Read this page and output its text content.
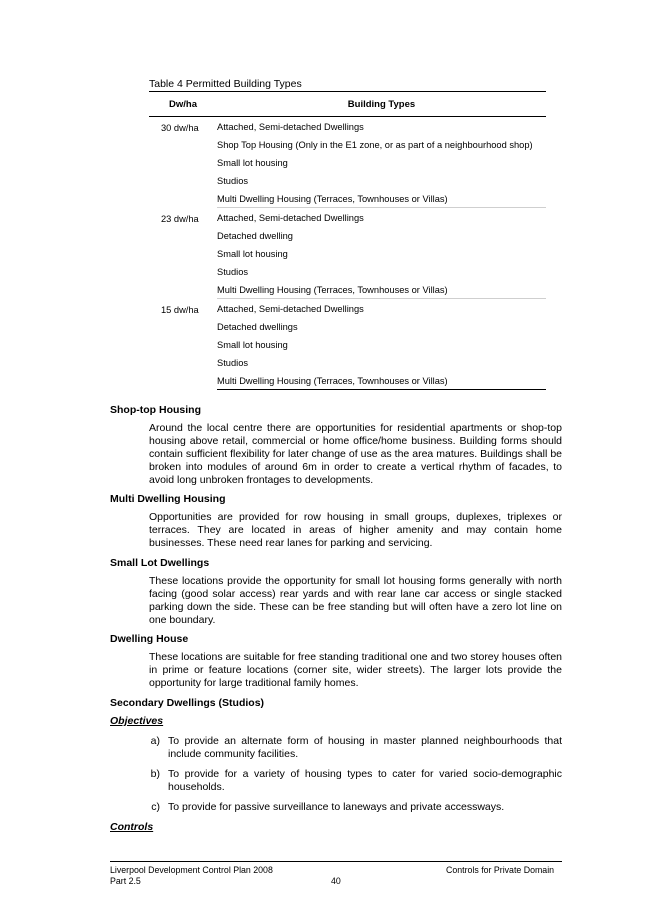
Table 4 Permitted Building Types
Dw/ha	Building Types
30 dw/ha	Attached, Semi-detached Dwellings
Shop Top Housing (Only in the E1 zone, or as part of a neighbourhood shop)
Small lot housing
Studios
Multi Dwelling Housing (Terraces, Townhouses or Villas)
23 dw/ha	Attached, Semi-detached Dwellings
Detached dwelling
Small lot housing
Studios
Multi Dwelling Housing (Terraces, Townhouses or Villas)
15 dw/ha	Attached, Semi-detached Dwellings
Detached dwellings
Small lot housing
Studios
Multi Dwelling Housing (Terraces, Townhouses or Villas)
Shop-top Housing

Around the local centre there are opportunities for residential apartments or shop-top housing above retail, commercial or home office/home business. Building forms should contain sufficient flexibility for later change of use as the area matures. Buildings shall be broken into modules of around 6m in order to create a vertical rhythm of facades, to avoid long unbroken frontages to developments.

Multi Dwelling Housing

Opportunities are provided for row housing in small groups, duplexes, triplexes or terraces. They are located in areas of higher amenity and may contain home businesses. These need rear lanes for parking and servicing.

Small Lot Dwellings

These locations provide the opportunity for small lot housing forms generally with north facing (good solar access) rear yards and with rear lane car access or single stacked parking down the side. These can be free standing but will often have a zero lot line on one boundary.

Dwelling House

These locations are suitable for free standing traditional one and two storey houses often in prime or feature locations (corner site, wider streets). The larger lots provide the opportunity for large traditional family homes.

Secondary Dwellings (Studios)
Objectives
a) To provide an alternate form of housing in master planned neighbourhoods that include community facilities.
b) To provide for a variety of housing types to cater for varied socio-demographic households.
c) To provide for passive surveillance to laneways and private accessways.
Controls
Liverpool Development Control Plan 2008
Part 2.5	40
Controls for Private Domain
